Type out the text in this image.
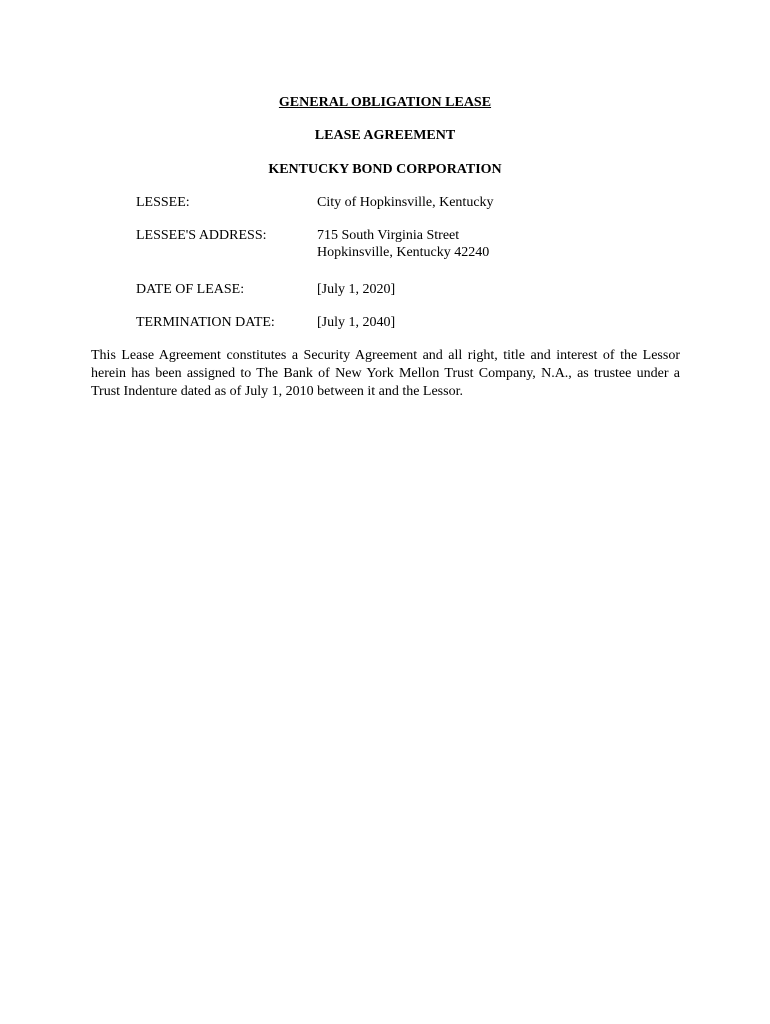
GENERAL OBLIGATION LEASE
LEASE AGREEMENT
KENTUCKY BOND CORPORATION
LESSEE:	City of Hopkinsville, Kentucky
LESSEE'S ADDRESS:	715 South Virginia Street
Hopkinsville, Kentucky 42240
DATE OF LEASE:	[July 1, 2020]
TERMINATION DATE:	[July 1, 2040]
This Lease Agreement constitutes a Security Agreement and all right, title and interest of the Lessor herein has been assigned to The Bank of New York Mellon Trust Company, N.A., as trustee under a Trust Indenture dated as of July 1, 2010 between it and the Lessor.
